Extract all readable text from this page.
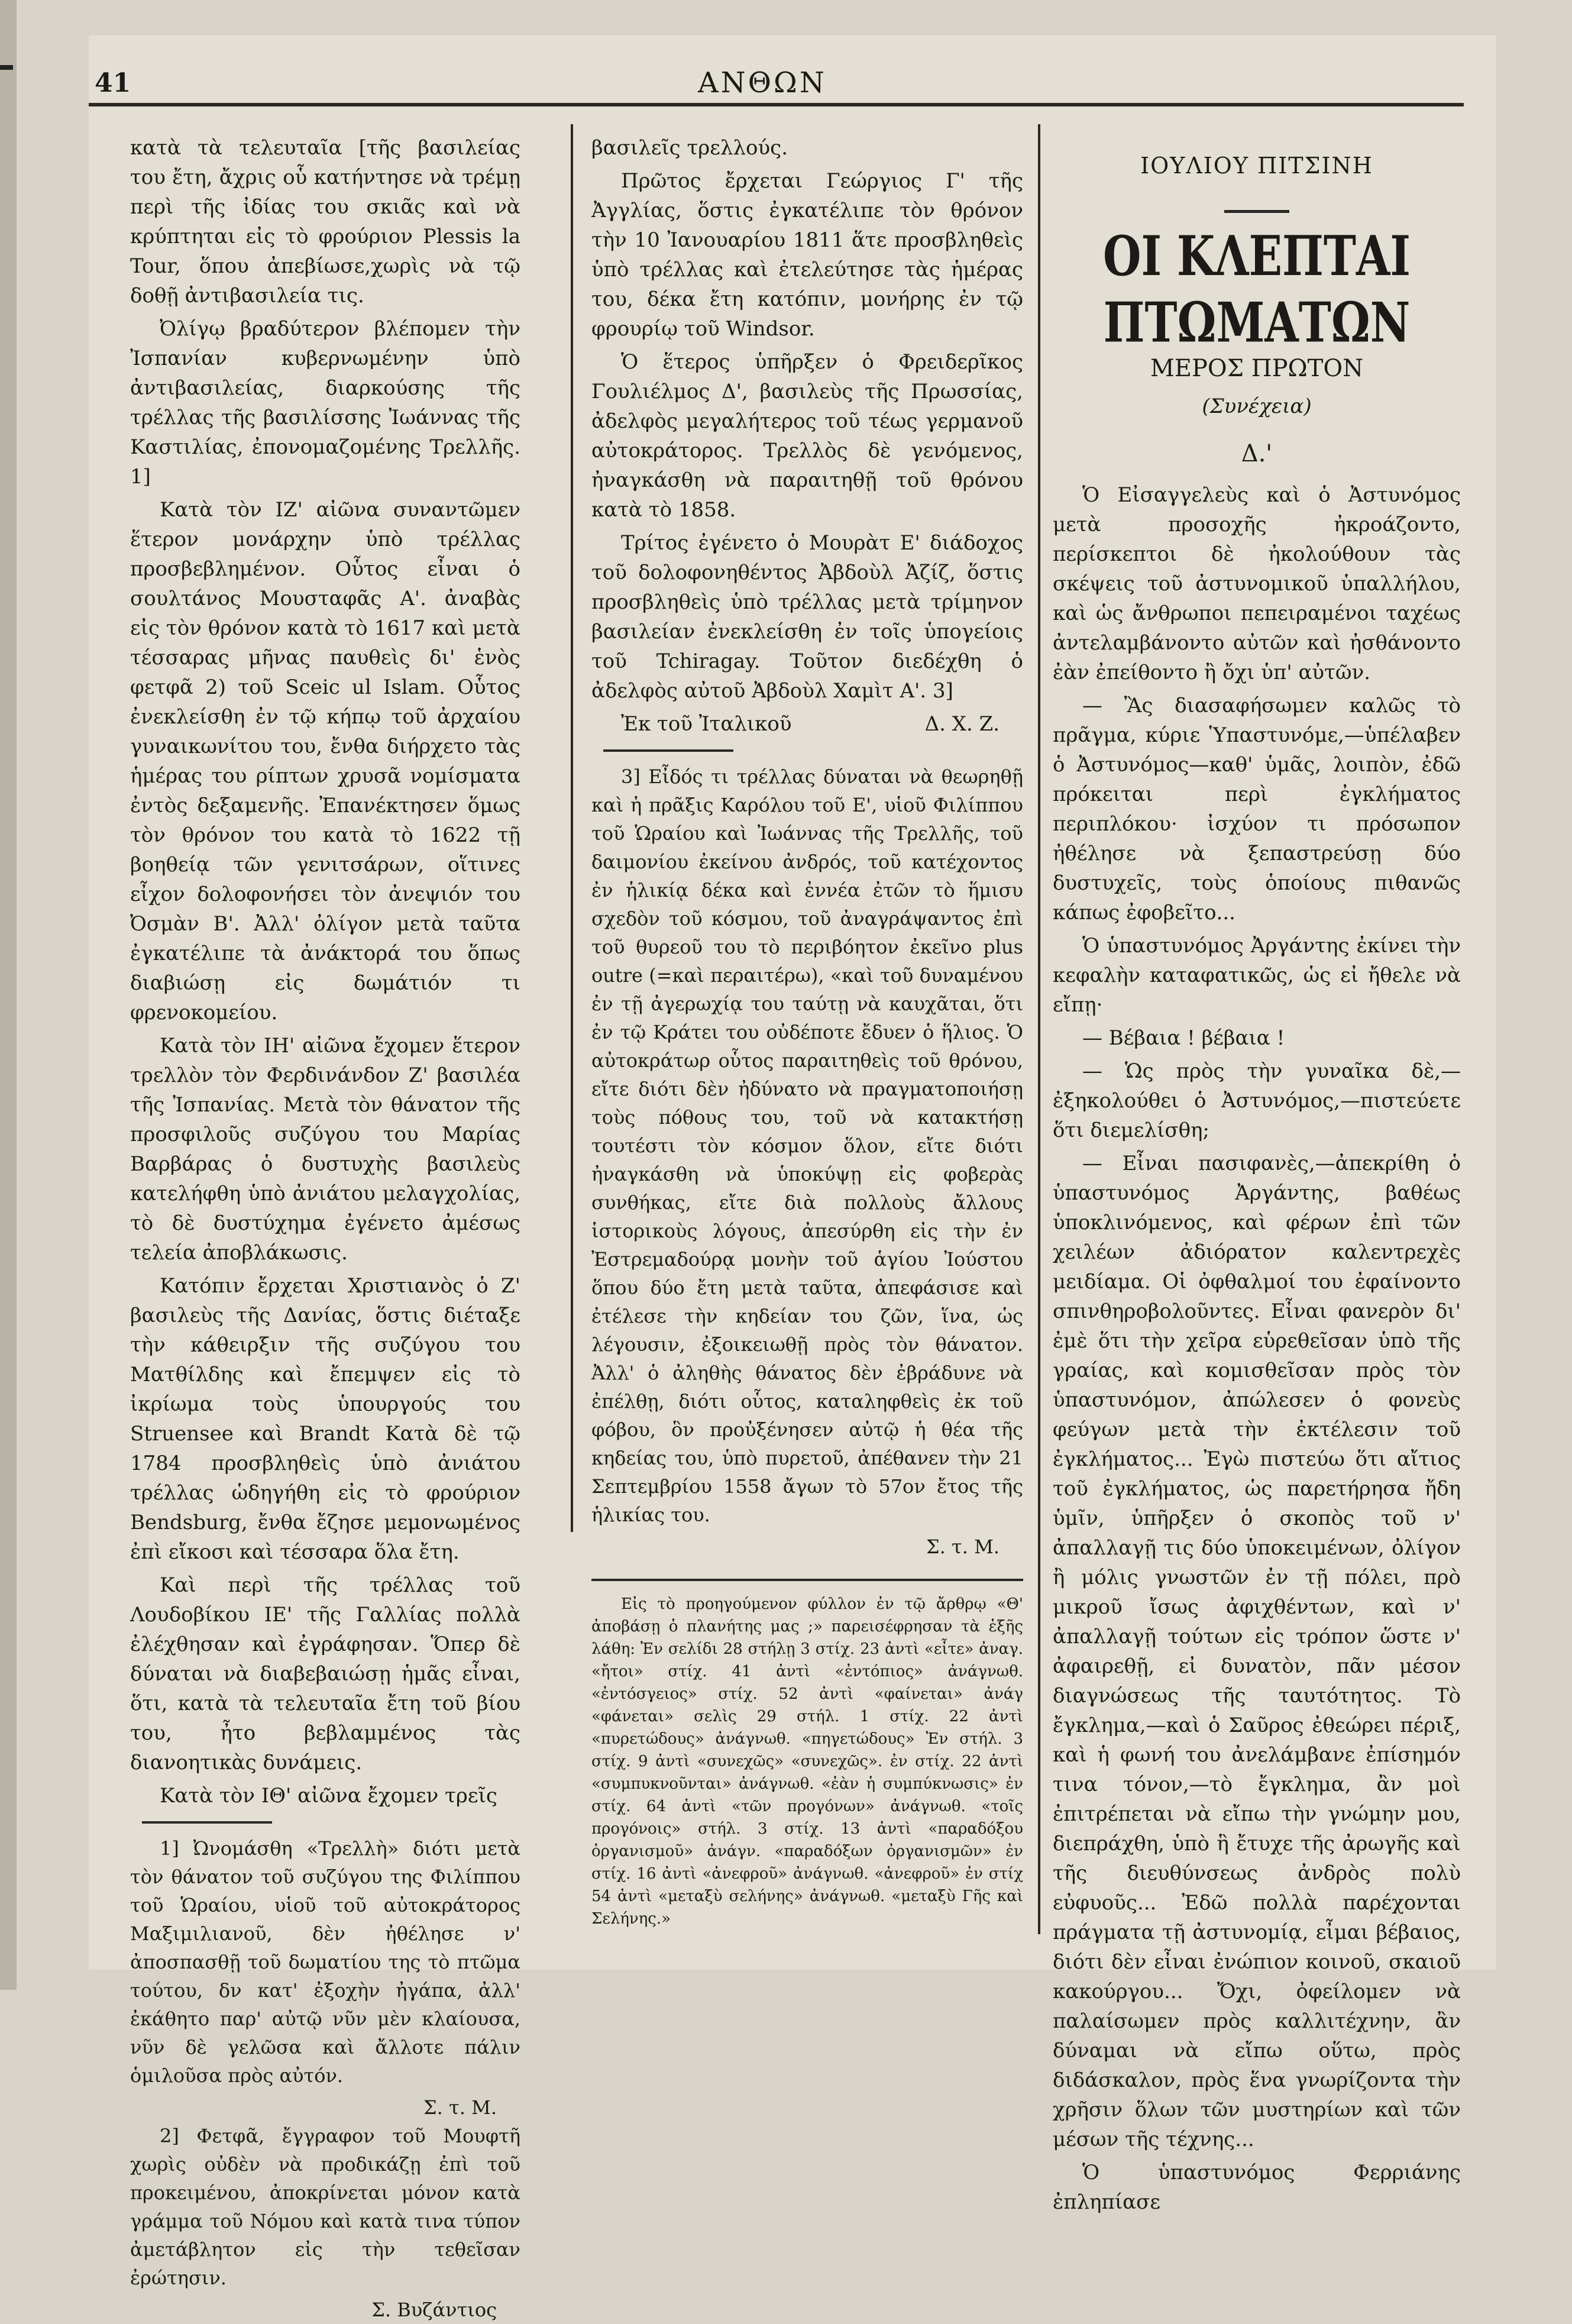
41	ΑΝΘΩΝ

κατὰ τὰ τελευταῖα [τῆς βασιλείας του ἔτη, ἄχρις οὗ κατήντησε νὰ τρέμῃ περὶ τῆς ἰδίας του σκιᾶς καὶ νὰ κρύπτηται εἰς τὸ φρούριον Plessis la Tour, ὅπου ἀπεβίωσε,χωρὶς νὰ τῷ δοθῇ ἀντιβασιλεία τις.

Ὀλίγῳ βραδύτερον βλέπομεν τὴν Ἰσπανίαν κυβερνωμένην ὑπὸ ἀντιβασιλείας, διαρκούσης τῆς τρέλλας τῆς βασιλίσσης Ἰωάννας τῆς Καστιλίας, ἐπονομαζομένης Τρελλῆς. 1]

Κατὰ τὸν ΙΖ' αἰῶνα συναντῶμεν ἕτερον μονάρχην ὑπὸ τρέλλας προσβεβλημένον. Οὗτος εἶναι ὁ σουλτάνος Μουσταφᾶς Α'. ἀναβὰς εἰς τὸν θρόνον κατὰ τὸ 1617 καὶ μετὰ τέσσαρας μῆνας παυθεὶς δι' ἑνὸς φετφᾶ 2) τοῦ Sceic ul Islam. Οὗτος ἐνεκλείσθη ἐν τῷ κήπῳ τοῦ ἀρχαίου γυναικωνίτου του, ἔνθα διήρχετο τὰς ἡμέρας του ρίπτων χρυσᾶ νομίσματα ἐντὸς δεξαμενῆς. Ἐπανέκτησεν ὅμως τὸν θρόνον του κατὰ τὸ 1622 τῇ βοηθείᾳ τῶν γενιτσάρων, οἵτινες εἶχον δολοφονήσει τὸν ἀνεψιόν του Ὀσμὰν Β'. Ἀλλ' ὀλίγον μετὰ ταῦτα ἐγκατέλιπε τὰ ἀνάκτορά του ὅπως διαβιώσῃ εἰς δωμάτιόν τι φρενοκομείου.

Κατὰ τὸν ΙΗ' αἰῶνα ἔχομεν ἕτερον τρελλὸν τὸν Φερδινάνδον Ζ' βασιλέα τῆς Ἰσπανίας. Μετὰ τὸν θάνατον τῆς προσφιλοῦς συζύγου του Μαρίας Βαρβάρας ὁ δυστυχὴς βασιλεὺς κατελήφθη ὑπὸ ἀνιάτου μελαγχολίας, τὸ δὲ δυστύχημα ἐγένετο ἀμέσως τελεία ἀποβλάκωσις.

Κατόπιν ἔρχεται Χριστιανὸς ὁ Ζ' βασιλεὺς τῆς Δανίας, ὅστις διέταξε τὴν κάθειρξιν τῆς συζύγου του Ματθίλδης καὶ ἔπεμψεν εἰς τὸ ἰκρίωμα τοὺς ὑπουργούς του Struensee καὶ Brandt Κατὰ δὲ τῷ 1784 προσβληθεὶς ὑπὸ ἀνιάτου τρέλλας ὡδηγήθη εἰς τὸ φρούριον Bendsburg, ἔνθα ἔζησε μεμονωμένος ἐπὶ εἴκοσι καὶ τέσσαρα ὅλα ἔτη.

Καὶ περὶ τῆς τρέλλας τοῦ Λουδοβίκου ΙΕ' τῆς Γαλλίας πολλὰ ἐλέχθησαν καὶ ἐγράφησαν. Ὅπερ δὲ δύναται νὰ διαβεβαιώσῃ ἡμᾶς εἶναι, ὅτι, κατὰ τὰ τελευταῖα ἔτη τοῦ βίου του, ἦτο βεβλαμμένος τὰς διανοητικὰς δυνάμεις.

Κατὰ τὸν ΙΘ' αἰῶνα ἔχομεν τρεῖς

1] Ὠνομάσθη «Τρελλὴ» διότι μετὰ τὸν θάνατον τοῦ συζύγου της Φιλίππου τοῦ Ὡραίου, υἱοῦ τοῦ αὐτοκράτορος Μαξιμιλιανοῦ, δὲν ἠθέλησε ν' ἀποσπασθῇ τοῦ δωματίου της τὸ πτῶμα τούτου, δν κατ' ἐξοχὴν ἠγάπα, ἀλλ' ἐκάθητο παρ' αὐτῷ νῦν μὲν κλαίουσα, νῦν δὲ γελῶσα καὶ ἄλλοτε πάλιν ὁμιλοῦσα πρὸς αὐτόν.

Σ. τ. Μ.

2] Φετφᾶ, ἔγγραφον τοῦ Μουφτῆ χωρὶς οὐδὲν νὰ προδικάζῃ ἐπὶ τοῦ προκειμένου, ἀποκρίνεται μόνον κατὰ γράμμα τοῦ Νόμου καὶ κατὰ τινα τύπον ἀμετάβλητον εἰς τὴν τεθεῖσαν ἐρώτησιν.

Σ. Βυζάντιος

βασιλεῖς τρελλούς.

Πρῶτος ἔρχεται Γεώργιος Γ' τῆς Ἀγγλίας, ὅστις ἐγκατέλιπε τὸν θρόνον τὴν 10 Ἰανουαρίου 1811 ἅτε προσβληθεὶς ὑπὸ τρέλλας καὶ ἐτελεύτησε τὰς ἡμέρας του, δέκα ἔτη κατόπιν, μονήρης ἐν τῷ φρουρίῳ τοῦ Windsor.

Ὁ ἕτερος ὑπῆρξεν ὁ Φρειδερῖκος Γουλιέλμος Δ', βασιλεὺς τῆς Πρωσσίας, ἀδελφὸς μεγαλήτερος τοῦ τέως γερμανοῦ αὐτοκράτορος. Τρελλὸς δὲ γενόμενος, ἠναγκάσθη νὰ παραιτηθῇ τοῦ θρόνου κατὰ τὸ 1858.

Τρίτος ἐγένετο ὁ Μουρὰτ Ε' διάδοχος τοῦ δολοφονηθέντος Ἀβδοὺλ Ἀζίζ, ὅστις προσβληθεὶς ὑπὸ τρέλλας μετὰ τρίμηνον βασιλείαν ἐνεκλείσθη ἐν τοῖς ὑπογείοις τοῦ Tchiragay. Τοῦτον διεδέχθη ὁ ἀδελφὸς αὐτοῦ Ἀβδοὺλ Χαμὶτ Α'. 3]

Ἐκ τοῦ Ἰταλικοῦ	Δ. Χ. Ζ.

3] Εἶδός τι τρέλλας δύναται νὰ θεωρηθῇ καὶ ἡ πρᾶξις Καρόλου τοῦ Ε', υἱοῦ Φιλίππου τοῦ Ὡραίου καὶ Ἰωάννας τῆς Τρελλῆς, τοῦ δαιμονίου ἐκείνου ἀνδρός, τοῦ κατέχοντος ἐν ἡλικίᾳ δέκα καὶ ἐννέα ἐτῶν τὸ ἥμισυ σχεδὸν τοῦ κόσμου, τοῦ ἀναγράψαντος ἐπὶ τοῦ θυρεοῦ του τὸ περιβόητον ἐκεῖνο plus outre (=καὶ περαιτέρω), «καὶ τοῦ δυναμένου ἐν τῇ ἀγερωχίᾳ του ταύτῃ νὰ καυχᾶται, ὅτι ἐν τῷ Κράτει του οὐδέποτε ἔδυεν ὁ ἥλιος. Ὁ αὐτοκράτωρ οὗτος παραιτηθεὶς τοῦ θρόνου, εἴτε διότι δὲν ἠδύνατο νὰ πραγματοποιήσῃ τοὺς πόθους του, τοῦ νὰ κατακτήσῃ τουτέστι τὸν κόσμον ὅλον, εἴτε διότι ἠναγκάσθη νὰ ὑποκύψῃ εἰς φοβερὰς συνθήκας, εἴτε διὰ πολλοὺς ἄλλους ἱστορικοὺς λόγους, ἀπεσύρθη εἰς τὴν ἐν Ἐστρεμαδούρᾳ μονὴν τοῦ ἁγίου Ἰούστου ὅπου δύο ἔτη μετὰ ταῦτα, ἀπεφάσισε καὶ ἐτέλεσε τὴν κηδείαν του ζῶν, ἵνα, ὡς λέγουσιν, ἐξοικειωθῇ πρὸς τὸν θάνατον. Ἀλλ' ὁ ἀληθὴς θάνατος δὲν ἐβράδυνε νὰ ἐπέλθῃ, διότι οὗτος, καταληφθεὶς ἐκ τοῦ φόβου, ὃν προὐξένησεν αὐτῷ ἡ θέα τῆς κηδείας του, ὑπὸ πυρετοῦ, ἀπέθανεν τὴν 21 Σεπτεμβρίου 1558 ἄγων τὸ 57ον ἔτος τῆς ἡλικίας του.

Σ. τ. Μ.

Εἰς τὸ προηγούμενον φύλλον ἐν τῷ ἄρθρῳ «Θ' ἀποβάσῃ ὁ πλανήτης μας ;» παρεισέφρησαν τὰ ἑξῆς λάθη: Ἐν σελίδι 28 στήλῃ 3 στίχ. 23 ἀντὶ «εἶτε» ἀναγ. «ἤτοι» στίχ. 41 ἀντὶ «ἐντόπιος» ἀνάγνωθ. «ἐντόσγειος» στίχ. 52 ἀντὶ «φαίνεται» ἀνάγ «φάνεται» σελὶς 29 στήλ. 1 στίχ. 22 ἀντὶ «πυρετώδους» ἀνάγνωθ. «πηγετώδους» Ἐν στήλ. 3 στίχ. 9 ἀντὶ «συνεχῶς» «συνεχῶς». ἐν στίχ. 22 ἀντὶ «συμπυκνοῦνται» ἀνάγνωθ. «ἐὰν ἡ συμπύκνωσις» ἐν στίχ. 64 ἀντὶ «τῶν προγόνων» ἀνάγνωθ. «τοῖς προγόνοις» στήλ. 3 στίχ. 13 ἀντὶ «παραδόξου ὀργανισμοῦ» ἀνάγν. «παραδόξων ὀργανισμῶν» ἐν στίχ. 16 ἀντὶ «ἀνεφροῦ» ἀνάγνωθ. «ἀνεφροῦ» ἐν στίχ 54 ἀντὶ «μεταξὺ σελήνης» ἀνάγνωθ. «μεταξὺ Γῆς καὶ Σελήνης.»

ΙΟΥΛΙΟΥ ΠΙΤΣΙΝΗ
ΟΙ ΚΛΕΠΤΑΙ ΠΤΩΜΑΤΩΝ
ΜΕΡΟΣ ΠΡΩΤΟΝ
(Συνέχεια)
Δ.'

Ὁ Εἰσαγγελεὺς καὶ ὁ Ἀστυνόμος μετὰ προσοχῆς ἠκροάζοντο, περίσκεπτοι δὲ ἠκολούθουν τὰς σκέψεις τοῦ ἀστυνομικοῦ ὑπαλλήλου, καὶ ὡς ἄνθρωποι πεπειραμένοι ταχέως ἀντελαμβάνοντο αὐτῶν καὶ ἠσθάνοντο ἐὰν ἐπείθοντο ἢ ὄχι ὑπ' αὐτῶν.

— Ἂς διασαφήσωμεν καλῶς τὸ πρᾶγμα, κύριε Ὑπαστυνόμε,—ὑπέλαβεν ὁ Ἀστυνόμος—καθ' ὑμᾶς, λοιπὸν, ἐδῶ πρόκειται περὶ ἐγκλήματος περιπλόκου· ἰσχύον τι πρόσωπον ἠθέλησε νὰ ξεπαστρεύσῃ δύο δυστυχεῖς, τοὺς ὁποίους πιθανῶς κάπως ἐφοβεῖτο...

Ὁ ὑπαστυνόμος Ἀργάντης ἐκίνει τὴν κεφαλὴν καταφατικῶς, ὡς εἰ ἤθελε νὰ εἴπῃ·

— Βέβαια ! βέβαια !

— Ὡς πρὸς τὴν γυναῖκα δὲ,—ἐξηκολούθει ὁ Ἀστυνόμος,—πιστεύετε ὅτι διεμελίσθη;

— Εἶναι πασιφανὲς,—ἀπεκρίθη ὁ ὑπαστυνόμος Ἀργάντης, βαθέως ὑποκλινόμενος, καὶ φέρων ἐπὶ τῶν χειλέων ἀδιόρατον καλεντρεχὲς μειδίαμα. Οἱ ὀφθαλμοί του ἐφαίνοντο σπινθηροβολοῦντες. Εἶναι φανερὸν δι' ἐμὲ ὅτι τὴν χεῖρα εὑρεθεῖσαν ὑπὸ τῆς γραίας, καὶ κομισθεῖσαν πρὸς τὸν ὑπαστυνόμον, ἀπώλεσεν ὁ φονεὺς φεύγων μετὰ τὴν ἐκτέλεσιν τοῦ ἐγκλήματος... Ἐγὼ πιστεύω ὅτι αἴτιος τοῦ ἐγκλήματος, ὡς παρετήρησα ἤδη ὑμῖν, ὑπῆρξεν ὁ σκοπὸς τοῦ ν' ἀπαλλαγῇ τις δύο ὑποκειμένων, ὀλίγον ἢ μόλις γνωστῶν ἐν τῇ πόλει, πρὸ μικροῦ ἴσως ἀφιχθέντων, καὶ ν' ἀπαλλαγῇ τούτων εἰς τρόπον ὥστε ν' ἀφαιρεθῇ, εἰ δυνατὸν, πᾶν μέσον διαγνώσεως τῆς ταυτότητος. Τὸ ἔγκλημα,—καὶ ὁ Σαῦρος ἐθεώρει πέριξ, καὶ ἡ φωνή του ἀνελάμβανε ἐπίσημόν τινα τόνον,—τὸ ἔγκλημα, ἂν μοὶ ἐπιτρέπεται νὰ εἴπω τὴν γνώμην μου, διεπράχθη, ὑπὸ ἣ ἔτυχε τῆς ἀρωγῆς καὶ τῆς διευθύνσεως ἀνδρὸς πολὺ εὐφυοῦς... Ἐδῶ πολλὰ παρέχονται πράγματα τῇ ἀστυνομίᾳ, εἶμαι βέβαιος, διότι δὲν εἶναι ἐνώπιον κοινοῦ, σκαιοῦ κακούργου... Ὄχι, ὀφείλομεν νὰ παλαίσωμεν πρὸς καλλιτέχνην, ἂν δύναμαι νὰ εἴπω οὕτω, πρὸς διδάσκαλον, πρὸς ἕνα γνωρίζοντα τὴν χρῆσιν ὅλων τῶν μυστηρίων καὶ τῶν μέσων τῆς τέχνης...

Ὁ ὑπαστυνόμος Φερριάνης ἐπληπίασε
